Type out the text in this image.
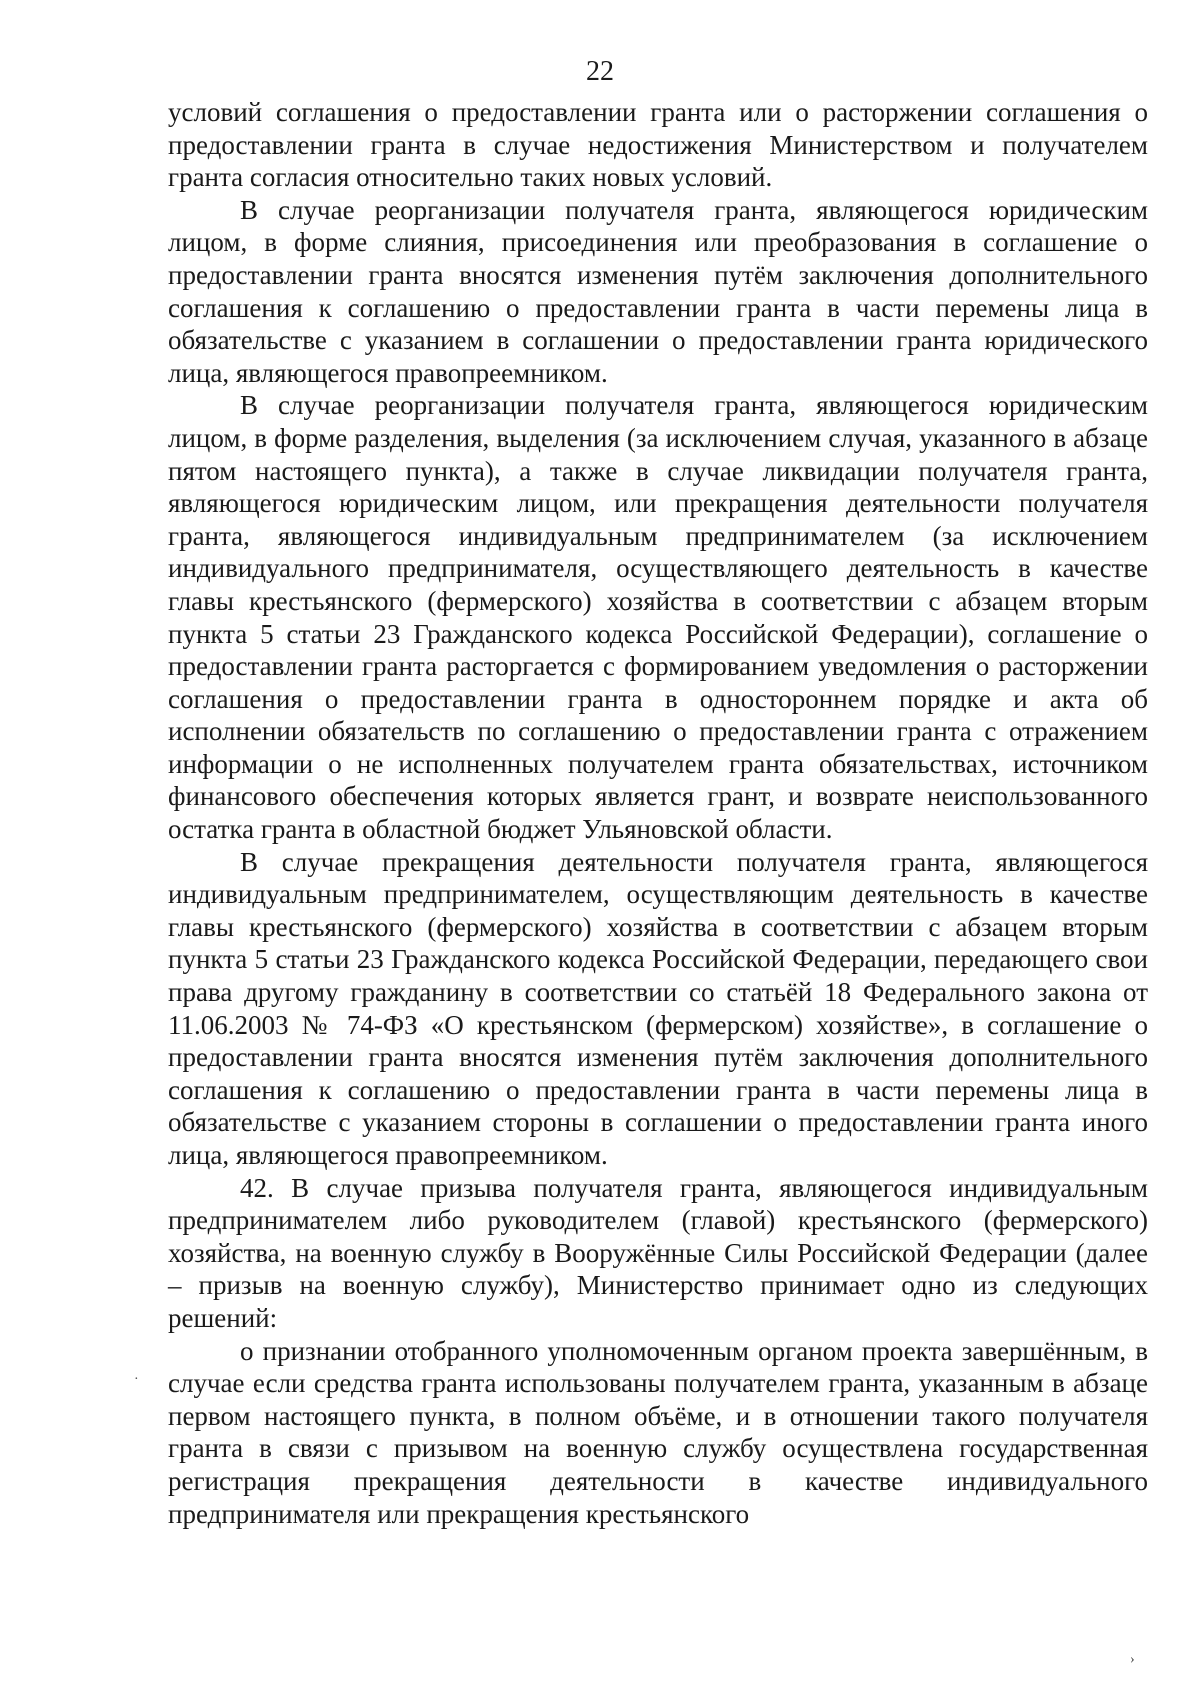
22

условий соглашения о предоставлении гранта или о расторжении соглашения о предоставлении гранта в случае недостижения Министерством и получателем гранта согласия относительно таких новых условий.

В случае реорганизации получателя гранта, являющегося юридическим лицом, в форме слияния, присоединения или преобразования в соглашение о предоставлении гранта вносятся изменения путём заключения дополнительного соглашения к соглашению о предоставлении гранта в части перемены лица в обязательстве с указанием в соглашении о предоставлении гранта юридического лица, являющегося правопреемником.

В случае реорганизации получателя гранта, являющегося юридическим лицом, в форме разделения, выделения (за исключением случая, указанного в абзаце пятом настоящего пункта), а также в случае ликвидации получателя гранта, являющегося юридическим лицом, или прекращения деятельности получателя гранта, являющегося индивидуальным предпринимателем (за исключением индивидуального предпринимателя, осуществляющего деятельность в качестве главы крестьянского (фермерского) хозяйства в соответствии с абзацем вторым пункта 5 статьи 23 Гражданского кодекса Российской Федерации), соглашение о предоставлении гранта расторгается с формированием уведомления о расторжении соглашения о предоставлении гранта в одностороннем порядке и акта об исполнении обязательств по соглашению о предоставлении гранта с отражением информации о не исполненных получателем гранта обязательствах, источником финансового обеспечения которых является грант, и возврате неиспользованного остатка гранта в областной бюджет Ульяновской области.

В случае прекращения деятельности получателя гранта, являющегося индивидуальным предпринимателем, осуществляющим деятельность в качестве главы крестьянского (фермерского) хозяйства в соответствии с абзацем вторым пункта 5 статьи 23 Гражданского кодекса Российской Федерации, передающего свои права другому гражданину в соответствии со статьёй 18 Федерального закона от 11.06.2003 № 74-ФЗ «О крестьянском (фермерском) хозяйстве», в соглашение о предоставлении гранта вносятся изменения путём заключения дополнительного соглашения к соглашению о предоставлении гранта в части перемены лица в обязательстве с указанием стороны в соглашении о предоставлении гранта иного лица, являющегося правопреемником.

42. В случае призыва получателя гранта, являющегося индивидуальным предпринимателем либо руководителем (главой) крестьянского (фермерского) хозяйства, на военную службу в Вооружённые Силы Российской Федерации (далее – призыв на военную службу), Министерство принимает одно из следующих решений:

о признании отобранного уполномоченным органом проекта завершённым, в случае если средства гранта использованы получателем гранта, указанным в абзаце первом настоящего пункта, в полном объёме, и в отношении такого получателя гранта в связи с призывом на военную службу осуществлена государственная регистрация прекращения деятельности в качестве индивидуального предпринимателя или прекращения крестьянского

·
›
